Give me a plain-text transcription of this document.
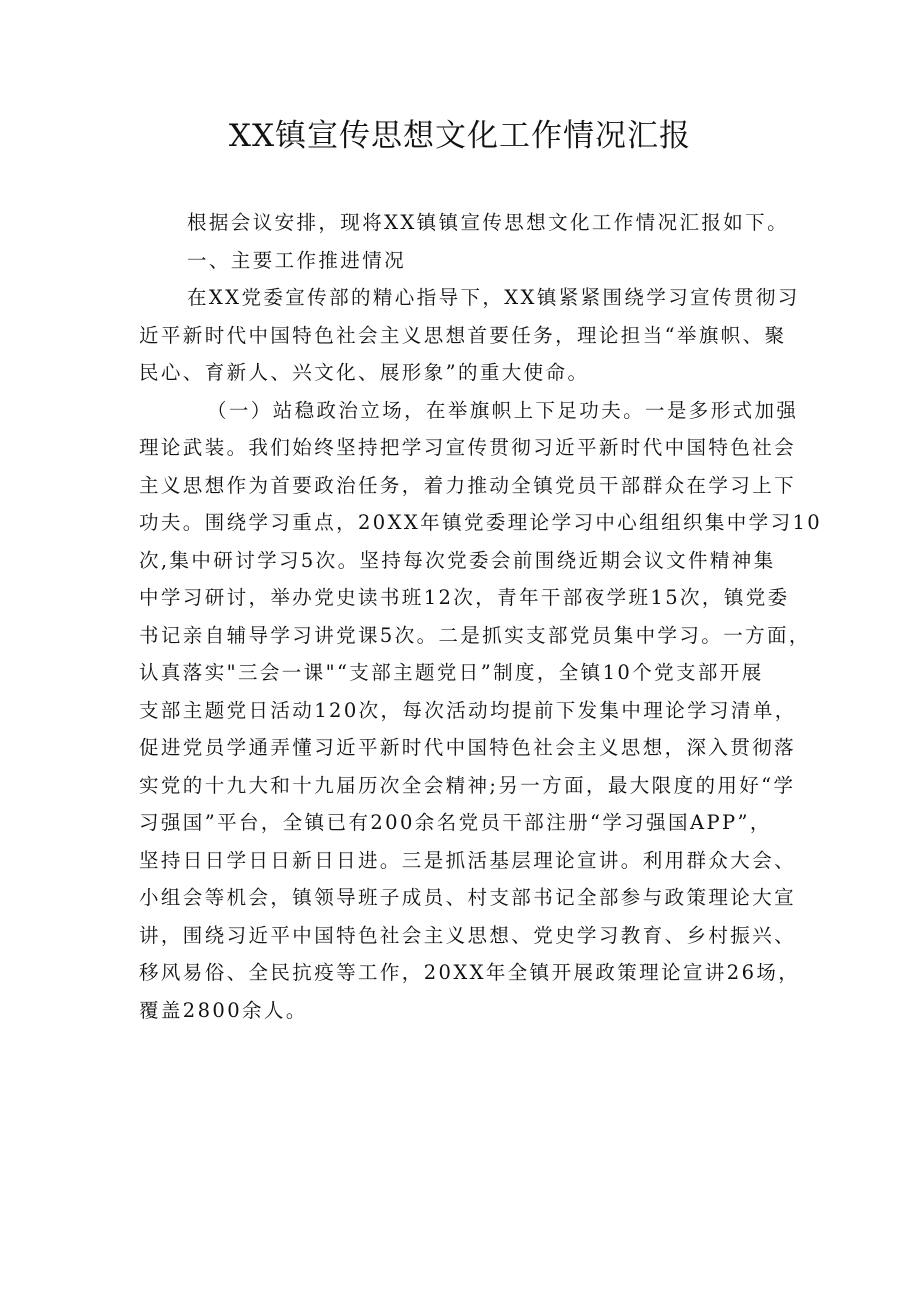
XX镇宣传思想文化工作情况汇报
根据会议安排，现将XX镇镇宣传思想文化工作情况汇报如下。
一、主要工作推进情况
在XX党委宣传部的精心指导下，XX镇紧紧围绕学习宣传贯彻习
近平新时代中国特色社会主义思想首要任务，理论担当“举旗帜、聚
民心、育新人、兴文化、展形象”的重大使命。
（一）站稳政治立场，在举旗帜上下足功夫。一是多形式加强
理论武装。我们始终坚持把学习宣传贯彻习近平新时代中国特色社会
主义思想作为首要政治任务，着力推动全镇党员干部群众在学习上下
功夫。围绕学习重点，20XX年镇党委理论学习中心组组织集中学习10
次,集中研讨学习5次。坚持每次党委会前围绕近期会议文件精神集
中学习研讨，举办党史读书班12次，青年干部夜学班15次，镇党委
书记亲自辅导学习讲党课5次。二是抓实支部党员集中学习。一方面，
认真落实"三会一课"“支部主题党日”制度，全镇10个党支部开展
支部主题党日活动120次，每次活动均提前下发集中理论学习清单，
促进党员学通弄懂习近平新时代中国特色社会主义思想，深入贯彻落
实党的十九大和十九届历次全会精神;另一方面，最大限度的用好“学
习强国”平台，全镇已有200余名党员干部注册“学习强国APP”，
坚持日日学日日新日日进。三是抓活基层理论宣讲。利用群众大会、
小组会等机会，镇领导班子成员、村支部书记全部参与政策理论大宣
讲，围绕习近平中国特色社会主义思想、党史学习教育、乡村振兴、
移风易俗、全民抗疫等工作，20XX年全镇开展政策理论宣讲26场，
覆盖2800余人。
